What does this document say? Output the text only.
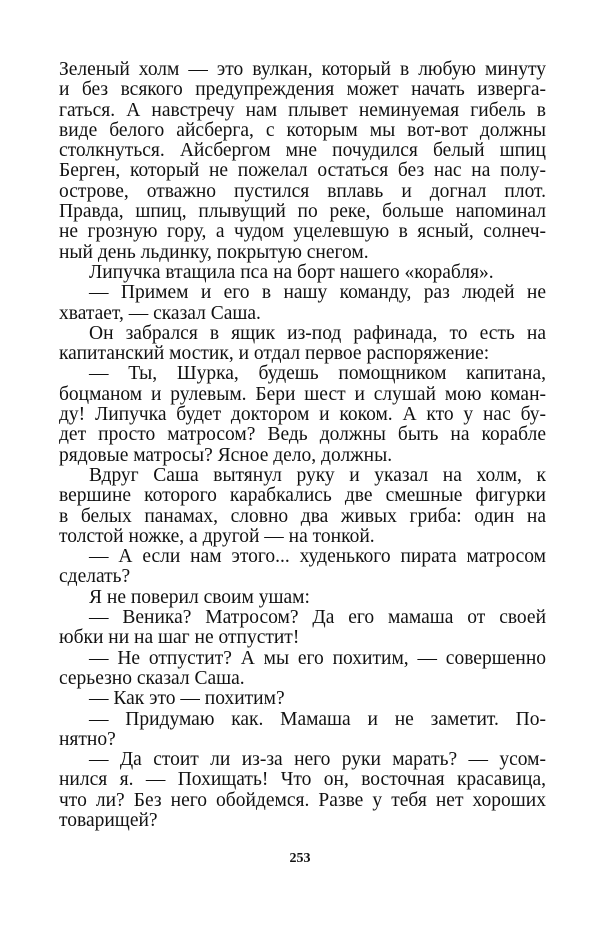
Зеленый холм — это вулкан, который в любую минуту
и без всякого предупреждения может начать изверга-
гаться. А навстречу нам плывет неминуемая гибель в
виде белого айсберга, с которым мы вот-вот должны
столкнуться. Айсбергом мне почудился белый шпиц
Берген, который не пожелал остаться без нас на полу-
острове, отважно пустился вплавь и догнал плот.
Правда, шпиц, плывущий по реке, больше напоминал
не грозную гору, а чудом уцелевшую в ясный, солнеч-
ный день льдинку, покрытую снегом.
Липучка втащила пса на борт нашего «корабля».
— Примем и его в нашу команду, раз людей не
хватает, — сказал Саша.
Он забрался в ящик из-под рафинада, то есть на
капитанский мостик, и отдал первое распоряжение:
— Ты, Шурка, будешь помощником капитана,
боцманом и рулевым. Бери шест и слушай мою коман-
ду! Липучка будет доктором и коком. А кто у нас бу-
дет просто матросом? Ведь должны быть на корабле
рядовые матросы? Ясное дело, должны.
Вдруг Саша вытянул руку и указал на холм, к
вершине которого карабкались две смешные фигурки
в белых панамах, словно два живых гриба: один на
толстой ножке, а другой — на тонкой.
— А если нам этого... худенького пирата матросом
сделать?
Я не поверил своим ушам:
— Веника? Матросом? Да его мамаша от своей
юбки ни на шаг не отпустит!
— Не отпустит? А мы его похитим, — совершенно
серьезно сказал Саша.
— Как это — похитим?
— Придумаю как. Мамаша и не заметит. По-
нятно?
— Да стоит ли из-за него руки марать? — усом-
нился я. — Похищать! Что он, восточная красавица,
что ли? Без него обойдемся. Разве у тебя нет хороших
товарищей?
253
